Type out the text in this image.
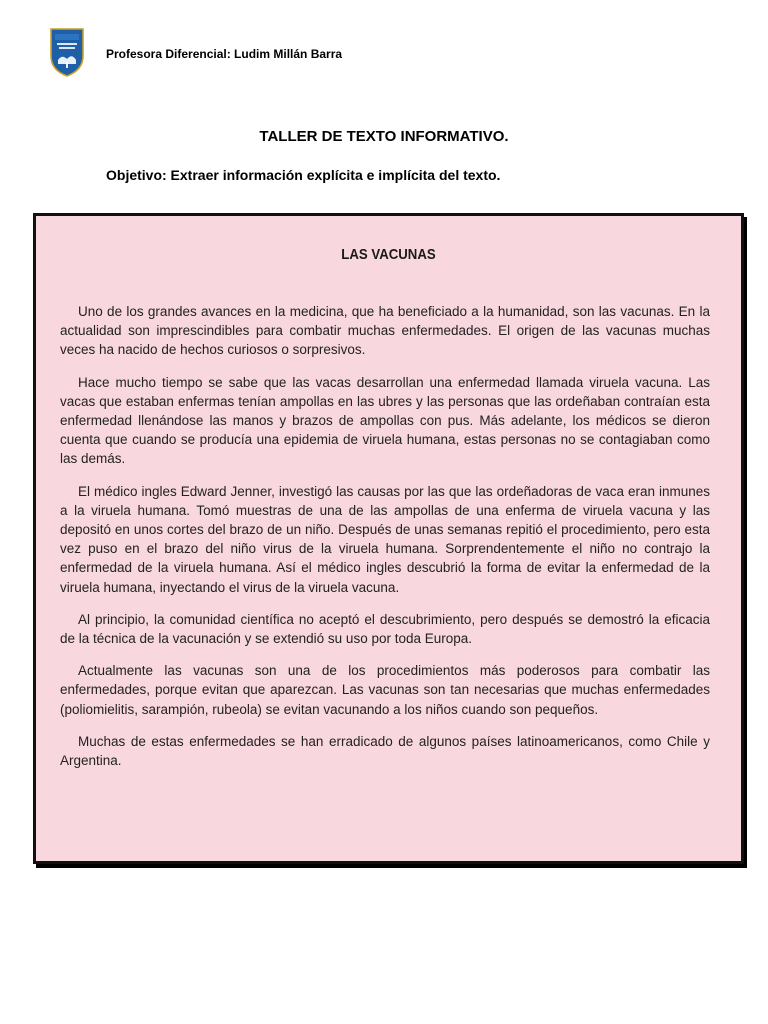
Profesora Diferencial: Ludim Millán Barra
TALLER DE TEXTO INFORMATIVO.
Objetivo: Extraer información explícita e implícita del texto.
LAS VACUNAS

Uno de los grandes avances en la medicina, que ha beneficiado a la humanidad, son las vacunas. En la actualidad son imprescindibles para combatir muchas enfermedades. El origen de las vacunas muchas veces ha nacido de hechos curiosos o sorpresivos.

Hace mucho tiempo se sabe que las vacas desarrollan una enfermedad llamada viruela vacuna. Las vacas que estaban enfermas tenían ampollas en las ubres y las personas que las ordeñaban contraían esta enfermedad llenándose las manos y brazos de ampollas con pus. Más adelante, los médicos se dieron cuenta que cuando se producía una epidemia de viruela humana, estas personas no se contagiaban como las demás.

El médico ingles Edward Jenner, investigó las causas por las que las ordeñadoras de vaca eran inmunes a la viruela humana. Tomó muestras de una de las ampollas de una enferma de viruela vacuna y las depositó en unos cortes del brazo de un niño. Después de unas semanas repitió el procedimiento, pero esta vez puso en el brazo del niño virus de la viruela humana. Sorprendentemente el niño no contrajo la enfermedad de la viruela humana. Así el médico ingles descubrió la forma de evitar la enfermedad de la viruela humana, inyectando el virus de la viruela vacuna.

Al principio, la comunidad científica no aceptó el descubrimiento, pero después se demostró la eficacia de la técnica de la vacunación y se extendió su uso por toda Europa.

Actualmente las vacunas son una de los procedimientos más poderosos para combatir las enfermedades, porque evitan que aparezcan. Las vacunas son tan necesarias que muchas enfermedades (poliomielitis, sarampión, rubeola) se evitan vacunando a los niños cuando son pequeños.

Muchas de estas enfermedades se han erradicado de algunos países latinoamericanos, como Chile y Argentina.
